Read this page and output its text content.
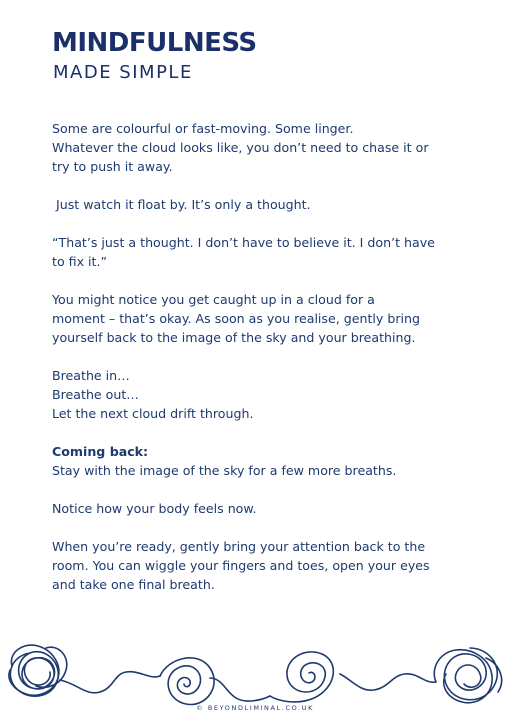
MINDFULNESS
MADE SIMPLE
Some are colourful or fast-moving. Some linger.
Whatever the cloud looks like, you don’t need to chase it or
try to push it away.
Just watch it float by. It’s only a thought.
“That’s just a thought. I don’t have to believe it. I don’t have
to fix it.”
You might notice you get caught up in a cloud for a
moment – that’s okay. As soon as you realise, gently bring
yourself back to the image of the sky and your breathing.
Breathe in…
Breathe out…
Let the next cloud drift through.
Coming back:
Stay with the image of the sky for a few more breaths.
Notice how your body feels now.
When you’re ready, gently bring your attention back to the
room. You can wiggle your fingers and toes, open your eyes
and take one final breath.
© BEYONDLIMINAL.CO.UK
